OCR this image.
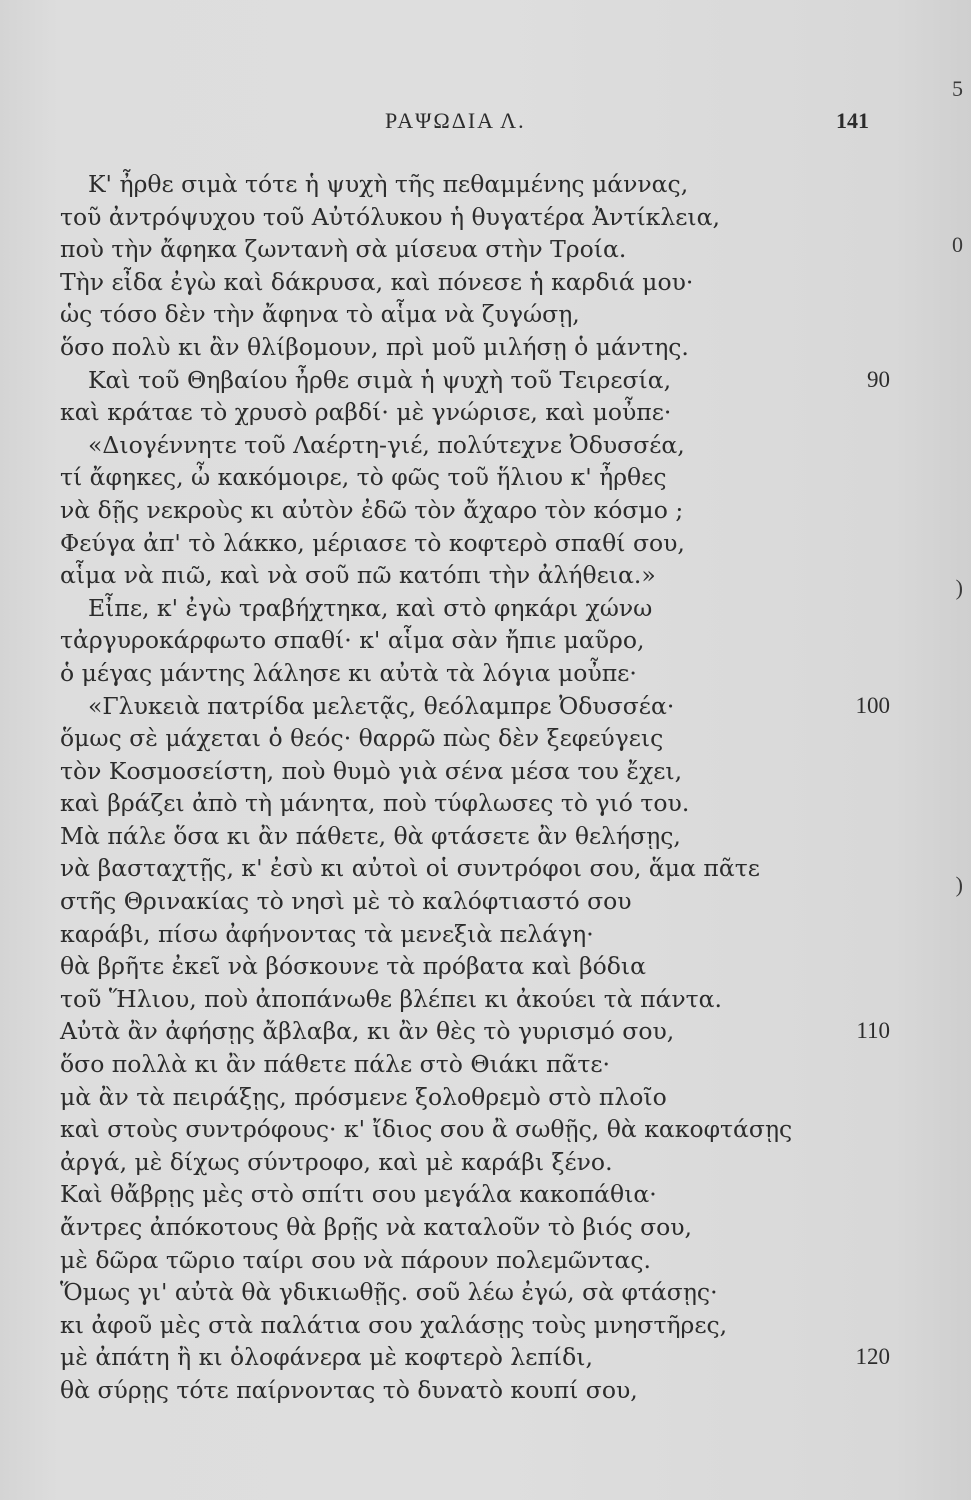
5
0
)
)
ΡΑΨΩΔΙΑ Λ.	141
Κ' ἦρθε σιμὰ τότε ἡ ψυχὴ τῆς πεθαμμένης μάννας,
τοῦ ἀντρόψυχου τοῦ Αὐτόλυκου ἡ θυγατέρα Ἀντίκλεια,
ποὺ τὴν ἄφηκα ζωντανὴ σὰ μίσευα στὴν Τροία.
Τὴν εἶδα ἐγὼ καὶ δάκρυσα, καὶ πόνεσε ἡ καρδιά μου·
ὡς τόσο δὲν τὴν ἄφηνα τὸ αἷμα νὰ ζυγώσῃ,
ὅσο πολὺ κι ἂν θλίβομουν, πρὶ μοῦ μιλήσῃ ὁ μάντης.
Καὶ τοῦ Θηβαίου ἦρθε σιμὰ ἡ ψυχὴ τοῦ Τειρεσία,	90
καὶ κράταε τὸ χρυσὸ ραβδί· μὲ γνώρισε, καὶ μοὖπε·
«Διογέννητε τοῦ Λαέρτη-γιέ, πολύτεχνε Ὀδυσσέα,
τί ἄφηκες, ὦ κακόμοιρε, τὸ φῶς τοῦ ἥλιου κ' ἦρθες
νὰ δῇς νεκροὺς κι αὐτὸν ἐδῶ τὸν ἄχαρο τὸν κόσμο ;
Φεύγα ἀπ' τὸ λάκκο, μέριασε τὸ κοφτερὸ σπαθί σου,
αἷμα νὰ πιῶ, καὶ νὰ σοῦ πῶ κατόπι τὴν ἀλήθεια.»
Εἶπε, κ' ἐγὼ τραβήχτηκα, καὶ στὸ φηκάρι χώνω
τἀργυροκάρφωτο σπαθί· κ' αἷμα σὰν ἤπιε μαῦρο,
ὁ μέγας μάντης λάλησε κι αὐτὰ τὰ λόγια μοὖπε·
«Γλυκειὰ πατρίδα μελετᾷς, θεόλαμπρε Ὀδυσσέα·	100
ὅμως σὲ μάχεται ὁ θεός· θαρρῶ πὼς δὲν ξεφεύγεις
τὸν Κοσμοσείστη, ποὺ θυμὸ γιὰ σένα μέσα του ἔχει,
καὶ βράζει ἀπὸ τὴ μάνητα, ποὺ τύφλωσες τὸ γιό του.
Μὰ πάλε ὅσα κι ἂν πάθετε, θὰ φτάσετε ἂν θελήσῃς,
νὰ βασταχτῇς, κ' ἐσὺ κι αὐτοὶ οἱ συντρόφοι σου, ἅμα πᾶτε
στῆς Θρινακίας τὸ νησὶ μὲ τὸ καλόφτιαστό σου
καράβι, πίσω ἀφήνοντας τὰ μενεξιὰ πελάγη·
θὰ βρῆτε ἐκεῖ νὰ βόσκουνε τὰ πρόβατα καὶ βόδια
τοῦ Ἥλιου, ποὺ ἀποπάνωθε βλέπει κι ἀκούει τὰ πάντα.
Αὐτὰ ἂν ἀφήσῃς ἄβλαβα, κι ἂν θὲς τὸ γυρισμό σου,	110
ὅσο πολλὰ κι ἂν πάθετε πάλε στὸ Θιάκι πᾶτε·
μὰ ἂν τὰ πειράξῃς, πρόσμενε ξολοθρεμὸ στὸ πλοῖο
καὶ στοὺς συντρόφους· κ' ἴδιος σου ἂ σωθῇς, θὰ κακοφτάσῃς
ἀργά, μὲ δίχως σύντροφο, καὶ μὲ καράβι ξένο.
Καὶ θἄβρῃς μὲς στὸ σπίτι σου μεγάλα κακοπάθια·
ἄντρες ἀπόκοτους θὰ βρῇς νὰ καταλοῦν τὸ βιός σου,
μὲ δῶρα τῶριο ταίρι σου νὰ πάρουν πολεμῶντας.
Ὅμως γι' αὐτὰ θὰ γδικιωθῇς. σοῦ λέω ἐγώ, σὰ φτάσῃς·
κι ἀφοῦ μὲς στὰ παλάτια σου χαλάσῃς τοὺς μνηστῆρες,
μὲ ἀπάτη ἢ κι ὁλοφάνερα μὲ κοφτερὸ λεπίδι,	120
θὰ σύρῃς τότε παίρνοντας τὸ δυνατὸ κουπί σου,
